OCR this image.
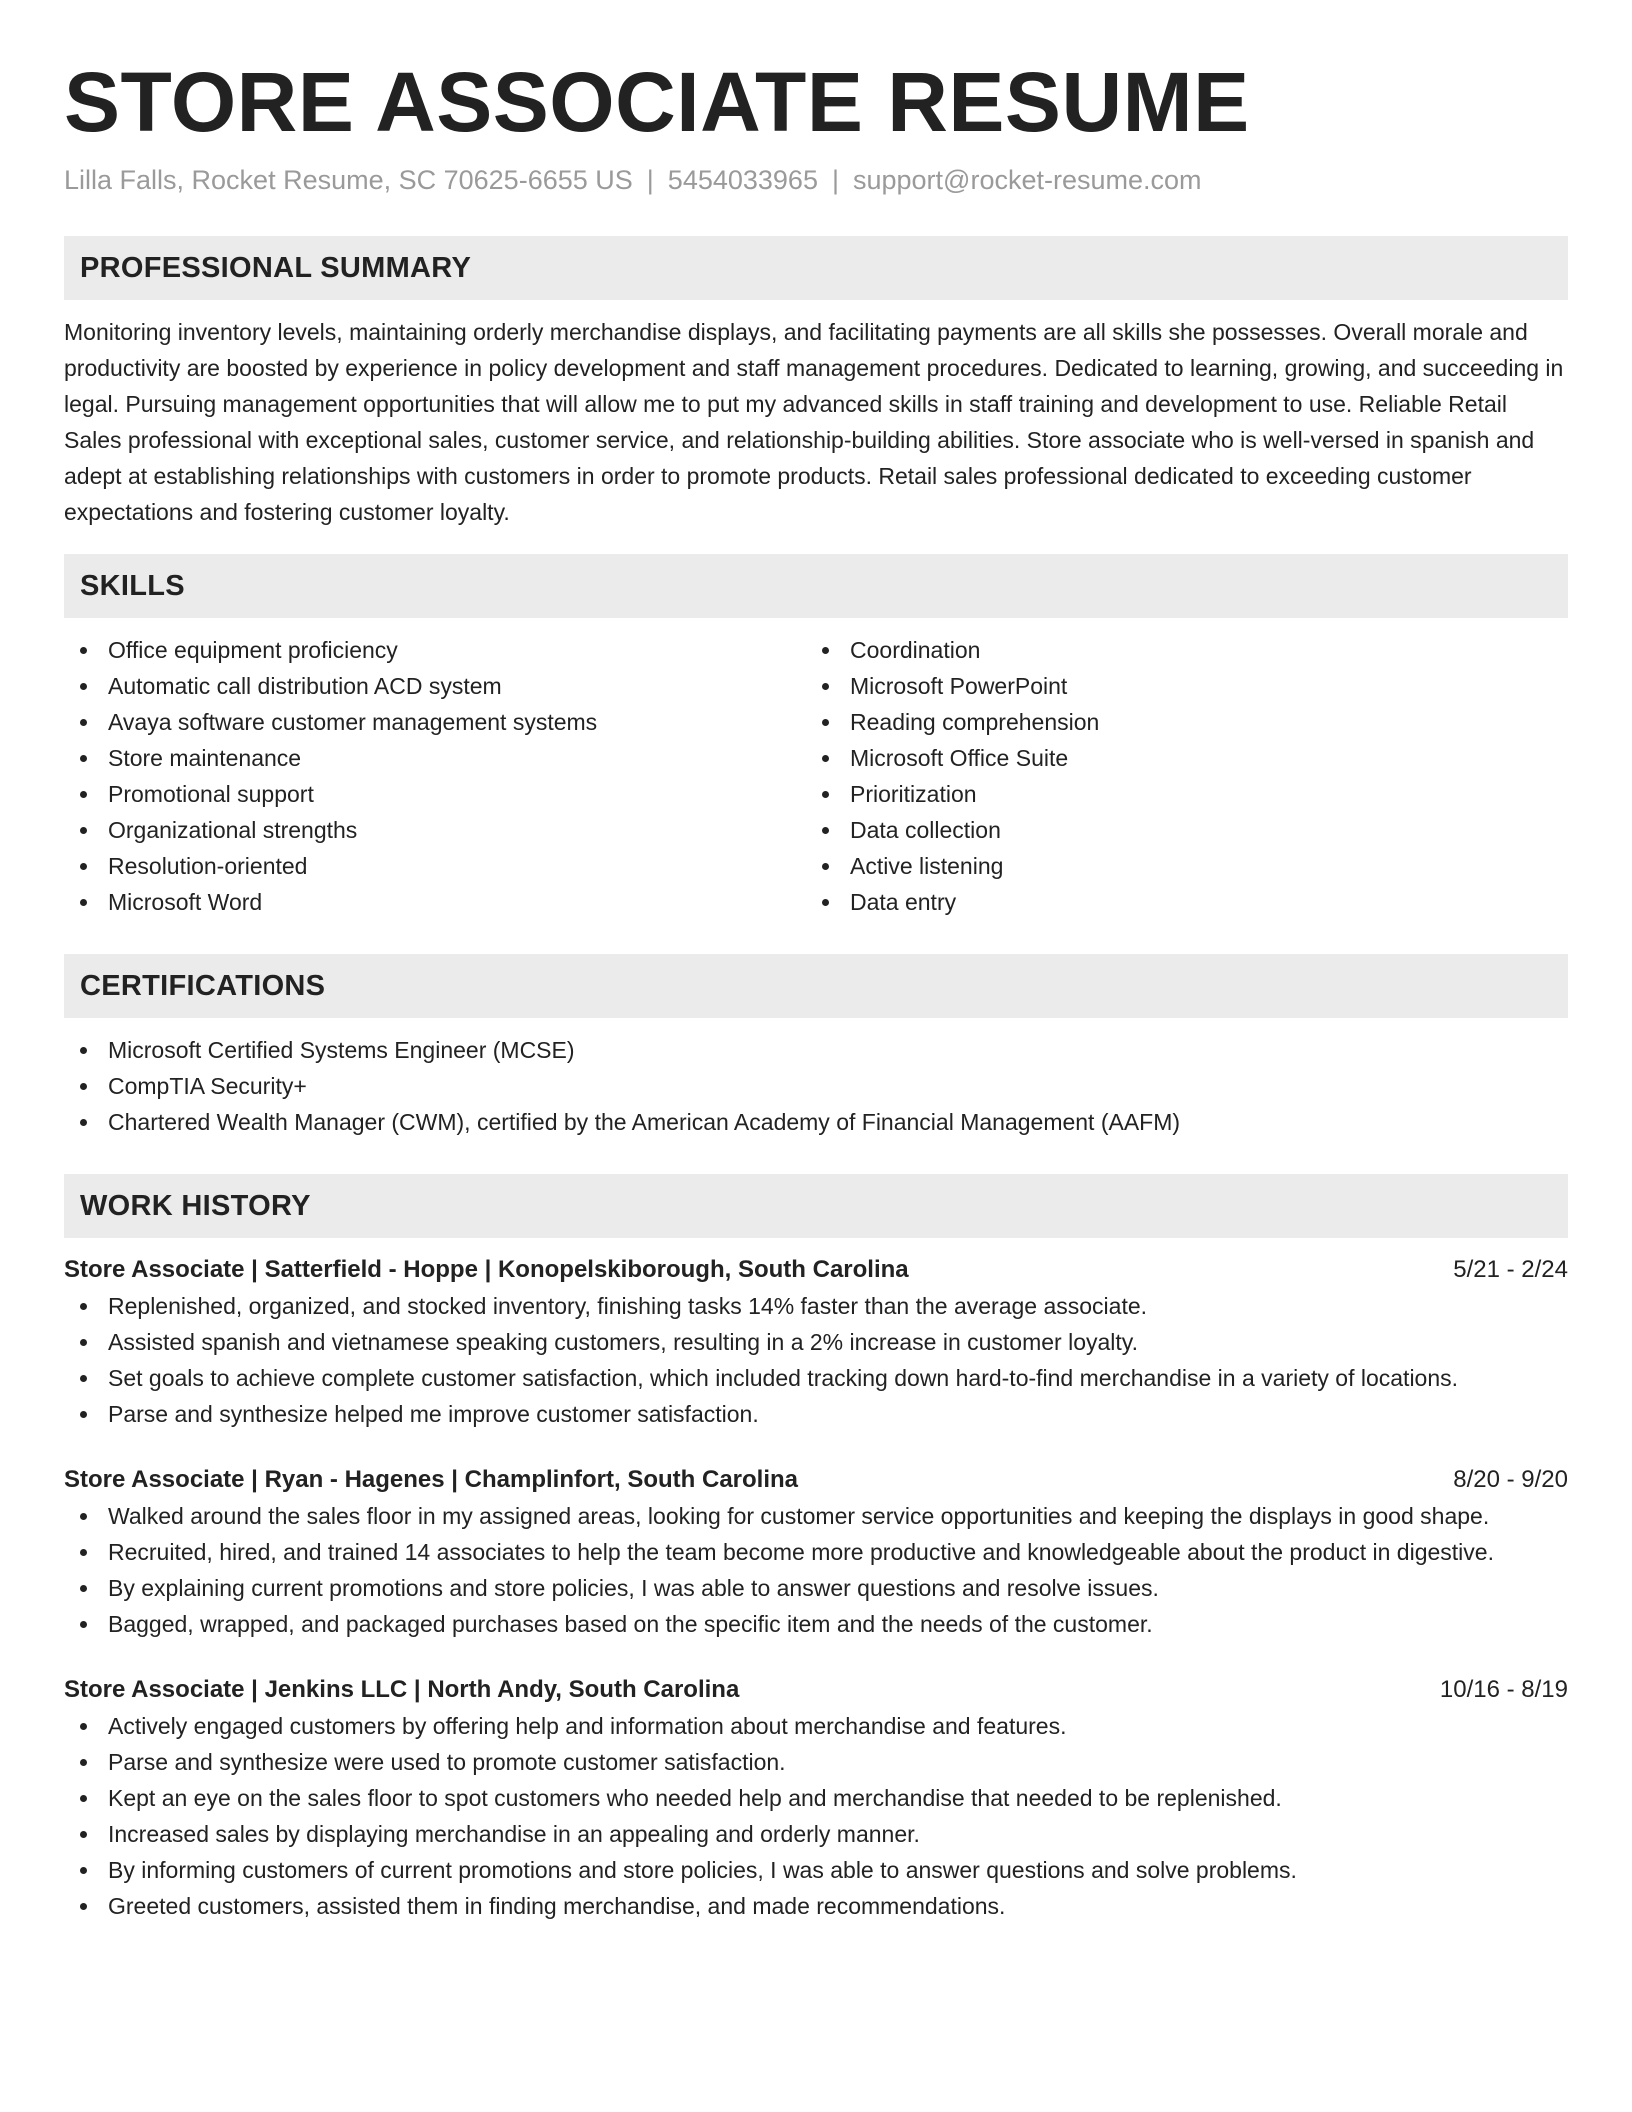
STORE ASSOCIATE RESUME
Lilla Falls, Rocket Resume, SC 70625-6655 US | 5454033965 | support@rocket-resume.com
PROFESSIONAL SUMMARY
Monitoring inventory levels, maintaining orderly merchandise displays, and facilitating payments are all skills she possesses. Overall morale and productivity are boosted by experience in policy development and staff management procedures. Dedicated to learning, growing, and succeeding in legal. Pursuing management opportunities that will allow me to put my advanced skills in staff training and development to use. Reliable Retail Sales professional with exceptional sales, customer service, and relationship-building abilities. Store associate who is well-versed in spanish and adept at establishing relationships with customers in order to promote products. Retail sales professional dedicated to exceeding customer expectations and fostering customer loyalty.
SKILLS
Office equipment proficiency
Automatic call distribution ACD system
Avaya software customer management systems
Store maintenance
Promotional support
Organizational strengths
Resolution-oriented
Microsoft Word
Coordination
Microsoft PowerPoint
Reading comprehension
Microsoft Office Suite
Prioritization
Data collection
Active listening
Data entry
CERTIFICATIONS
Microsoft Certified Systems Engineer (MCSE)
CompTIA Security+
Chartered Wealth Manager (CWM), certified by the American Academy of Financial Management (AAFM)
WORK HISTORY
Store Associate | Satterfield - Hoppe | Konopelskiborough, South Carolina	5/21 - 2/24
Replenished, organized, and stocked inventory, finishing tasks 14% faster than the average associate.
Assisted spanish and vietnamese speaking customers, resulting in a 2% increase in customer loyalty.
Set goals to achieve complete customer satisfaction, which included tracking down hard-to-find merchandise in a variety of locations.
Parse and synthesize helped me improve customer satisfaction.
Store Associate | Ryan - Hagenes | Champlinfort, South Carolina	8/20 - 9/20
Walked around the sales floor in my assigned areas, looking for customer service opportunities and keeping the displays in good shape.
Recruited, hired, and trained 14 associates to help the team become more productive and knowledgeable about the product in digestive.
By explaining current promotions and store policies, I was able to answer questions and resolve issues.
Bagged, wrapped, and packaged purchases based on the specific item and the needs of the customer.
Store Associate | Jenkins LLC | North Andy, South Carolina	10/16 - 8/19
Actively engaged customers by offering help and information about merchandise and features.
Parse and synthesize were used to promote customer satisfaction.
Kept an eye on the sales floor to spot customers who needed help and merchandise that needed to be replenished.
Increased sales by displaying merchandise in an appealing and orderly manner.
By informing customers of current promotions and store policies, I was able to answer questions and solve problems.
Greeted customers, assisted them in finding merchandise, and made recommendations.
